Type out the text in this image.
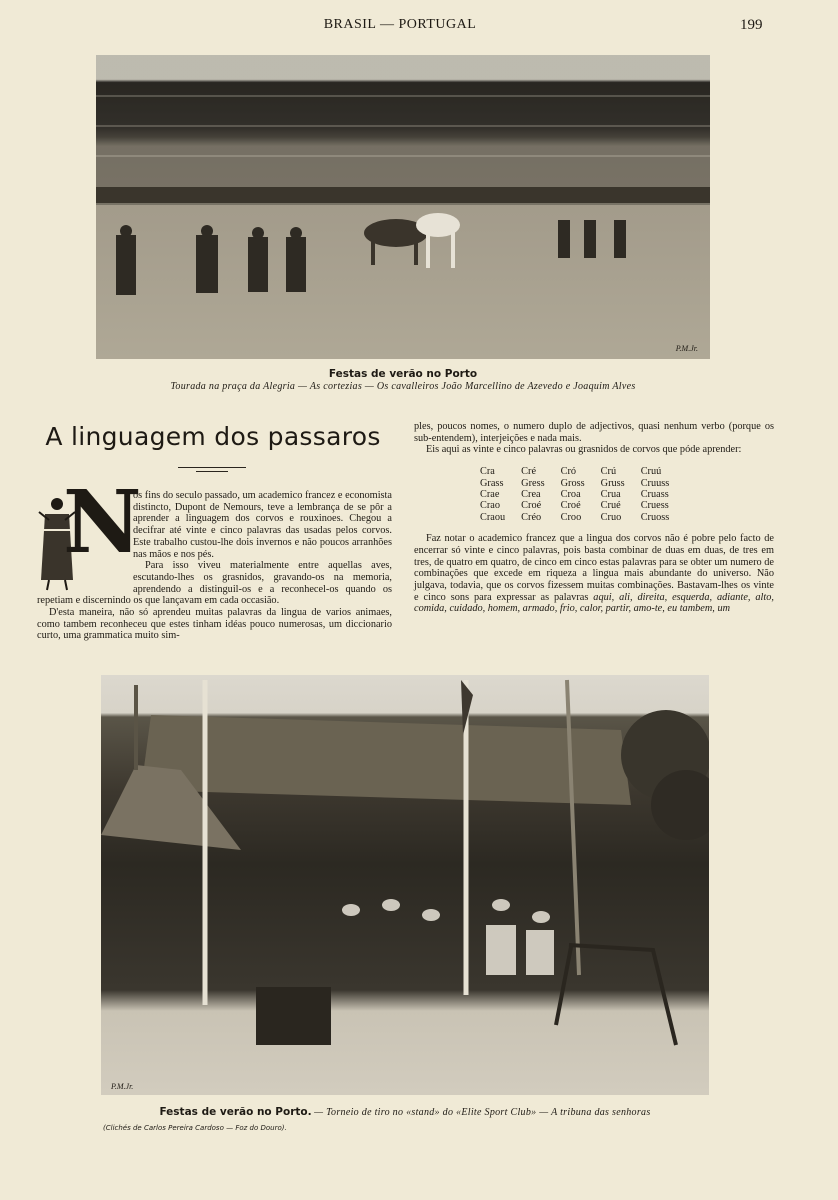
BRASIL — PORTUGAL	199
P.M.Jr.
Festas de verão no Porto
Tourada na praça da Alegria — As cortezias — Os cavalleiros João Marcellino de Azevedo e Joaquim Alves
A linguagem dos passaros
N

os fins do seculo passado, um academico francez e economista distincto, Dupont de Nemours, teve a lembrança de se pôr a aprender a linguagem dos corvos e rouxinoes. Chegou a decifrar até vinte e cinco palavras das usadas pelos corvos. Este trabalho custou-lhe dois invernos e não poucos arranhões nas mãos e nos pés.

Para isso viveu materialmente entre aquellas aves, escutando-lhes os grasnidos, gravando-os na memoria, aprendendo a distinguil-os e a reconhecel-os quando os repetiam e discernindo os que lançavam em cada occasião.

D'esta maneira, não só aprendeu muitas palavras da lingua de varios animaes, como tambem reconheceu que estes tinham idéas pouco numerosas, um diccionario curto, uma grammatica muito sim-

ples, poucos nomes, o numero duplo de adjectivos, quasi nenhum verbo (porque os sub-entendem), interjeições e nada mais.

Eis aqui as vinte e cinco palavras ou grasnidos de corvos que póde aprender:

Cra	Cré	Cró	Crú	Cruú
Grass	Gress	Gross	Gruss	Cruuss
Crae	Crea	Croa	Crua	Cruass
Crao	Croé	Croé	Crué	Cruess
Craou	Créo	Croo	Cruo	Cruoss

Faz notar o academico francez que a lingua dos corvos não é pobre pelo facto de encerrar só vinte e cinco palavras, pois basta combinar de duas em duas, de tres em tres, de quatro em quatro, de cinco em cinco estas palavras para se obter um numero de combinações que excede em riqueza a lingua mais abundante do universo. Não julgava, todavia, que os corvos fizessem muitas combinações. Bastavam-lhes os vinte e cinco sons para expressar as palavras aqui, ali, direita, esquerda, adiante, alto, comida, cuidado, homem, armado, frio, calor, partir, amo-te, eu tambem, um

P.M.Jr.
Festas de verão no Porto. — Torneio de tiro no «stand» do «Elite Sport Club» — A tribuna das senhoras
(Clichés de Carlos Pereira Cardoso — Foz do Douro).
